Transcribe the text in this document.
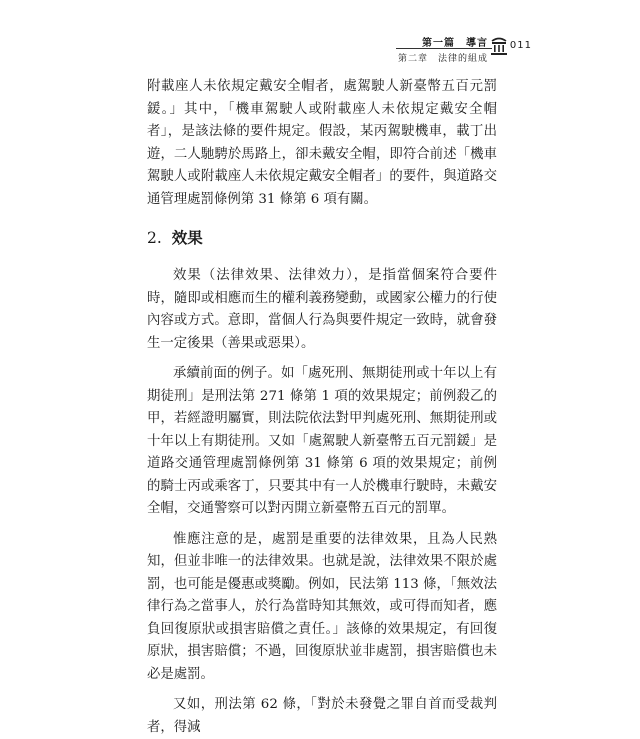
第一篇　導言
第二章　法律的組成
011

附載座人未依規定戴安全帽者，處駕駛人新臺幣五百元罰鍰。」其中，「機車駕駛人或附載座人未依規定戴安全帽者」，是該法條的要件規定。假設，某丙駕駛機車，載丁出遊，二人馳騁於馬路上，卻未戴安全帽，即符合前述「機車駕駛人或附載座人未依規定戴安全帽者」的要件，與道路交通管理處罰條例第 31 條第 6 項有關。

2. 效果

效果（法律效果、法律效力），是指當個案符合要件時，隨即或相應而生的權利義務變動，或國家公權力的行使內容或方式。意即，當個人行為與要件規定一致時，就會發生一定後果（善果或惡果）。

承續前面的例子。如「處死刑、無期徒刑或十年以上有期徒刑」是刑法第 271 條第 1 項的效果規定；前例殺乙的甲，若經證明屬實，則法院依法對甲判處死刑、無期徒刑或十年以上有期徒刑。又如「處駕駛人新臺幣五百元罰鍰」是道路交通管理處罰條例第 31 條第 6 項的效果規定；前例的騎士丙或乘客丁，只要其中有一人於機車行駛時，未戴安全帽，交通警察可以對丙開立新臺幣五百元的罰單。

惟應注意的是，處罰是重要的法律效果，且為人民熟知，但並非唯一的法律效果。也就是說，法律效果不限於處罰，也可能是優惠或獎勵。例如，民法第 113 條，「無效法律行為之當事人，於行為當時知其無效，或可得而知者，應負回復原狀或損害賠償之責任。」該條的效果規定，有回復原狀，損害賠償；不過，回復原狀並非處罰，損害賠償也未必是處罰。

又如，刑法第 62 條，「對於未發覺之罪自首而受裁判者，得減
